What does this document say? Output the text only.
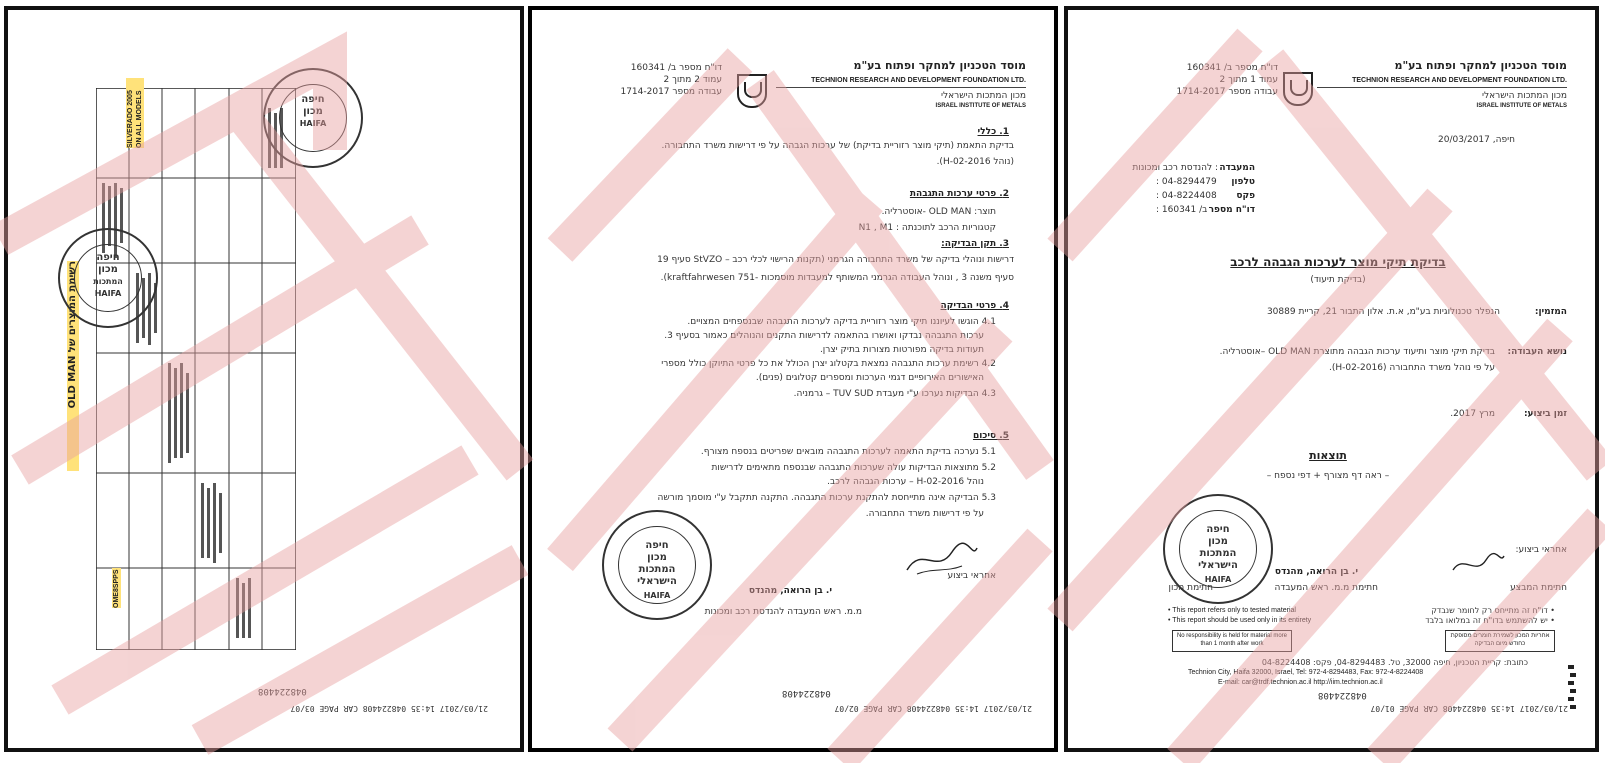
21/03/2017 14:35 048224408 CAR PAGE 03/07
048224408
רשימת המוצרים של OLD MAN
OME8SPPS
SILVERADO 2005 ON ALL MODELS	חיפה
מכון
HAIFA
חיפה
מכון
המתכות
HAIFA
מוסד הטכניון למחקר ופתוח בע"מ
TECHNION RESEARCH AND DEVELOPMENT FOUNDATION LTD.
מכון המתכות הישראלי
ISRAEL INSTITUTE OF METALS
דו"ח מספר ב/ 160341
עמוד 2 מתוך 2
עבודה מספר 1714-2017
1. כללי
בדיקת התאמת (תיקי מוצר רזוריית בדיקת) של ערכות הגבהה על פי דרישות משרד התחבורה.
(נוהל H-02-2016).
2. פרטי ערכות התגבהת
תוצר: OLD MAN -אוסטרליה.
קטגוריות הרכב לתוכנתה : N1 , M1
3. תקן הבדיקה:
דרישות ונוהלי בדיקה של משרד התחבורה הגרמני (תקנות הרישוי לכלי רכב – StVZO סעיף 19
סעיף משנה 3 , ונוהל העבודה הגרמני המשותף למעבדות מוסמכות -751 kraftfahrwesen).
4. פרטי הבדיקה
4.1 הוגשו לעיוננו תיקי מוצר רזוריית בדיקה לערכות התגבהה שבנספחים המצויים.
ערכות התגבהה נבדקו ואושרו בהתאמה לדרישות התקנים והנוהלים כאמור בסעיף 3.
תעודות בדיקה מפורטות מצורות בתיק יצרן.
4.2 רשימת ערכות התגבהה נמצאת בקטלוג יצרן הכולל את כל פרטי התיוקן כולל מספרי
האישורים האירופיים דגמי הערכות ומספרים קטלוגים (פנים).
4.3 הבדיקות נערכו ע"י מעבדת TUV SUD – גרמניה.
5. סיכום
5.1 נערכה בדיקת התאמה לערכות התגבהה מובאים שפריטים בנספח מצורף.
5.2 מתוצאות הבדיקות עולה שערכות התגבהה שבנספח מתאימים לדרישות
נוהל H-02-2016 – ערכות הגבהה לרכב.
5.3 הבדיקה אינה מתייחסת להתקנת ערכות התגבהה. התקנה תתקבל ע"י מוסמך מורשה
על פי דרישות משרד התחבורה.
אחראי ביצוע
י. בן הרואה, מהנדס
מ.מ. ראש המעבדה להנדסת רכב ומכונות
חיפה
מכון
המתכות
הישראלי
HAIFA
048224408
21/03/2017 14:35 048224408 CAR PAGE 02/07
מוסד הטכניון למחקר ופתוח בע"מ
TECHNION RESEARCH AND DEVELOPMENT FOUNDATION LTD.
מכון המתכות הישראלי
ISRAEL INSTITUTE OF METALS
דו"ח מספר ב/ 160341
עמוד 1 מתוך 2
עבודה מספר 1714-2017
חיפה, 20/03/2017
המעבדה
: להנדסת רכב ומכונות
טלפון
: 04-8294479
פקס
: 04-8224408
דו"ח מספר
: ב/ 160341
בדיקת תיקי מוצר לערכות הגבהה לרכב
(בדיקת תיעוד)
המזמין:
הנפלר טכנולוגיות בע"מ, א.ת. אלון התבור 21, קריית 30889
נושא העבודה:
בדיקת תיקי מוצר ותיעוד ערכות הגבהה מתוצרת OLD MAN –אוסטרליה.
על פי נוהל משרד התחבורה (H-02-2016).
זמן ביצוע:
מרץ 2017.
תוצאות
– ראה דף מצורף + דפי נספח –
אחראי ביצוע:
י. בן הרואה, מהנדס
חתימת המבצע
חתימת מ.מ. ראש המעבדה
חתימת מכון
חיפה
מכון
המתכות
הישראלי
HAIFA
• This report refers only to tested material
• This report should be used only in its entirety
• דו"ח זה מתייחס רק לחומר שנבדק
• יש להשתמש בדו"ח זה במלואו בלבד
No responsibility is held for material more than 1 month after work
אחריות המכון לשמירת חומרים מסופקת כחודש מיום הבדיקה
כתובת: קריית הטכניון, חיפה 32000, טל. 04-8294483, פקס: 04-8224408
Technion City, Haifa 32000, Israel, Tel: 972-4-8294483, Fax: 972-4-8224408
E-mail: car@trdf.technion.ac.il http://iim.technion.ac.il
048224408
21/03/2017 14:35 048224408 CAR PAGE 01/07
